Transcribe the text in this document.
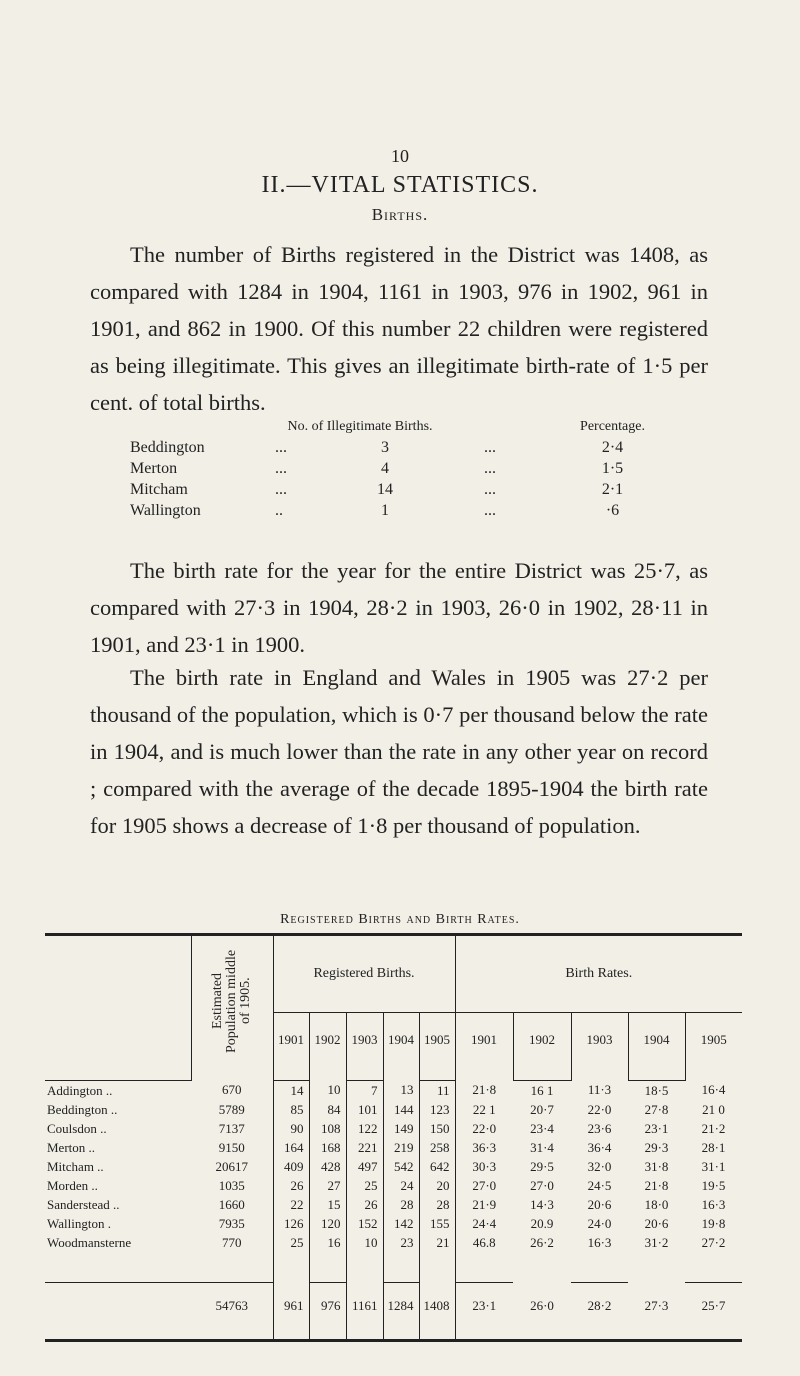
10
II.—VITAL STATISTICS.
Births.
The number of Births registered in the District was 1408, as compared with 1284 in 1904, 1161 in 1903, 976 in 1902, 961 in 1901, and 862 in 1900. Of this number 22 children were registered as being illegitimate. This gives an illegitimate birth-rate of 1·5 per cent. of total births.
	No. of Illegitimate Births.			Percentage.
Beddington	...	3	...	2·4
Merton	...	4	...	1·5
Mitcham	...	14	...	2·1
Wallington	..	1	...	·6
The birth rate for the year for the entire District was 25·7, as compared with 27·3 in 1904, 28·2 in 1903, 26·0 in 1902, 28·11 in 1901, and 23·1 in 1900.
The birth rate in England and Wales in 1905 was 27·2 per thousand of the population, which is 0·7 per thousand below the rate in 1904, and is much lower than the rate in any other year on record ; compared with the average of the decade 1895-1904 the birth rate for 1905 shows a decrease of 1·8 per thousand of population.
Registered Births and Birth Rates.

	Estimated Population middle of 1905.	Registered Births.					Birth Rates.				
		1901	1902	1903	1904	1905	1901	1902	1903	1904	1905

Addington ..	670	14	10	7	13	11	21·8	16 1	11·3	18·5	16·4
Beddington ..	5789	85	84	101	144	123	22 1	20·7	22·0	27·8	21 0
Coulsdon ..	7137	90	108	122	149	150	22·0	23·4	23·6	23·1	21·2
Merton ..	9150	164	168	221	219	258	36·3	31·4	36·4	29·3	28·1
Mitcham ..	20617	409	428	497	542	642	30·3	29·5	32·0	31·8	31·1
Morden ..	1035	26	27	25	24	20	27·0	27·0	24·5	21·8	19·5
Sanderstead ..	1660	22	15	26	28	28	21·9	14·3	20·6	18·0	16·3
Wallington .	7935	126	120	152	142	155	24·4	20.9	24·0	20·6	19·8
Woodmansterne	770	25	16	10	23	21	46.8	26·2	16·3	31·2	27·2

	54763	961	976	1161	1284	1408	23·1	26·0	28·2	27·3	25·7
